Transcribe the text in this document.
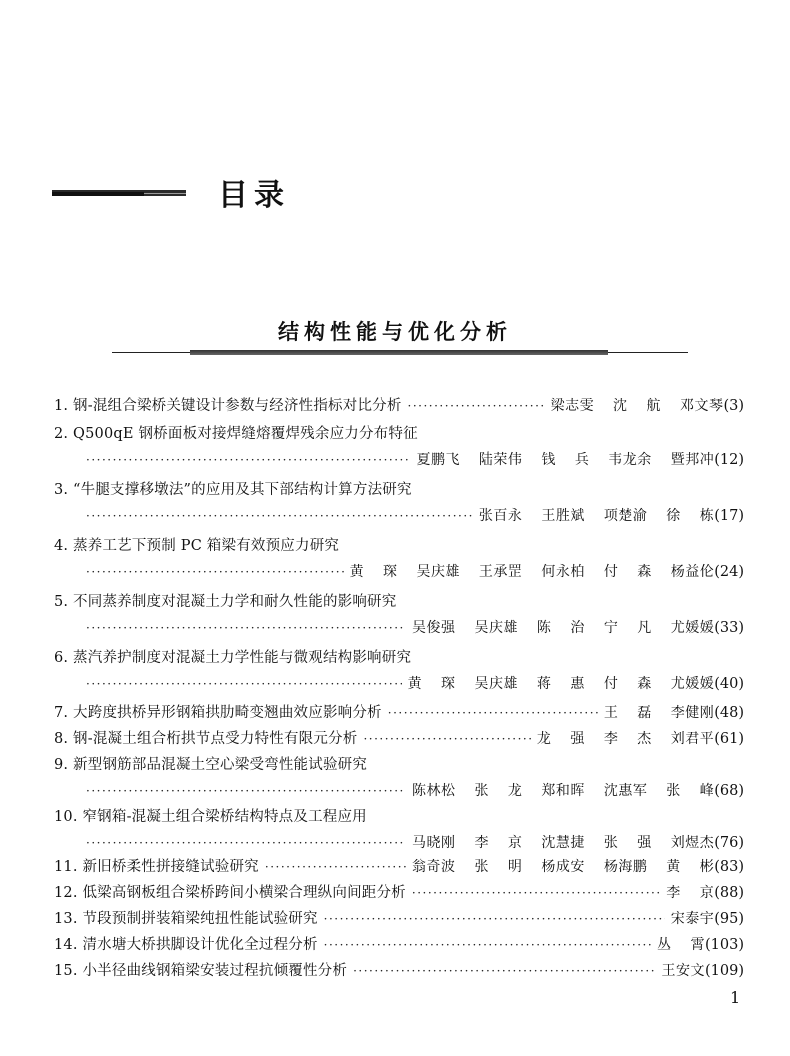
目录
结构性能与优化分析
1. 钢-混组合梁桥关键设计参数与经济性指标对比分析 ·····	梁志雯 沈 航 邓文琴 (3)
2. Q500qE 钢桥面板对接焊缝熔覆焊残余应力分布特征
·····
夏鹏飞 陆荣伟 钱 兵 韦龙余 暨邦冲 (12)
3. “牛腿支撑移墩法”的应用及其下部结构计算方法研究
·····
张百永 王胜斌 项楚渝 徐 栋 (17)
4. 蒸养工艺下预制 PC 箱梁有效预应力研究
·····
黄 琛 吴庆雄 王承罡 何永柏 付 森 杨益伦 (24)
5. 不同蒸养制度对混凝土力学和耐久性能的影响研究
·····
吴俊强 吴庆雄 陈 治 宁 凡 尤媛媛 (33)
6. 蒸汽养护制度对混凝土力学性能与微观结构影响研究
·····
黄 琛 吴庆雄 蒋 惠 付 森 尤媛媛 (40)
7. 大跨度拱桥异形钢箱拱肋畸变翘曲效应影响分析 ·····	王 磊 李健刚 (48)
8. 钢-混凝土组合桁拱节点受力特性有限元分析 ·····	龙 强 李 杰 刘君平 (61)
9. 新型钢筋部品混凝土空心梁受弯性能试验研究
·····
陈林松 张 龙 郑和晖 沈惠军 张 峰 (68)
10. 窄钢箱-混凝土组合梁桥结构特点及工程应用
·····
马晓刚 李 京 沈慧捷 张 强 刘煜杰 (76)
11. 新旧桥柔性拼接缝试验研究 ·····	翁奇波 张 明 杨成安 杨海鹏 黄 彬 (83)
12. 低梁高钢板组合梁桥跨间小横梁合理纵向间距分析 ·····	李 京 (88)
13. 节段预制拼装箱梁纯扭性能试验研究 ·····	宋泰宇 (95)
14. 清水塘大桥拱脚设计优化全过程分析 ·····	丛 霄 (103)
15. 小半径曲线钢箱梁安装过程抗倾覆性分析 ·····	王安文 (109)
1
